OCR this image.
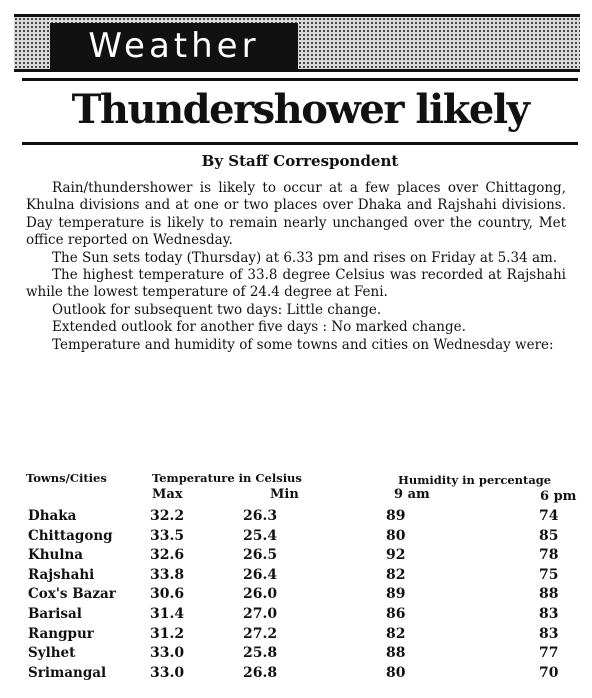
Weather
Thundershower likely
By Staff Correspondent

Rain/thundershower is likely to occur at a few places over Chittagong, Khulna divisions and at one or two places over Dhaka and Rajshahi divisions. Day temperature is likely to remain nearly unchanged over the country, Met office reported on Wednesday.

The Sun sets today (Thursday) at 6.33 pm and rises on Friday at 5.34 am.

The highest temperature of 33.8 degree Celsius was recorded at Rajshahi while the lowest temperature of 24.4 degree at Feni.

Outlook for subsequent two days: Little change.

Extended outlook for another five days : No marked change.

Temperature and humidity of some towns and cities on Wednesday were:

Towns/Cities	Temperature in Celsius	Humidity in percentage
Max	Min	9 am	6 pm
Dhaka	32.2	26.3	89	74
Chittagong	33.5	25.4	80	85
Khulna	32.6	26.5	92	78
Rajshahi	33.8	26.4	82	75
Cox's Bazar 30.6	26.0	89	88
Barisal	31.4	27.0	86	83
Rangpur	31.2	27.2	82	83
Sylhet	33.0	25.8	88	77
Srimangal	33.0	26.8	80	70
